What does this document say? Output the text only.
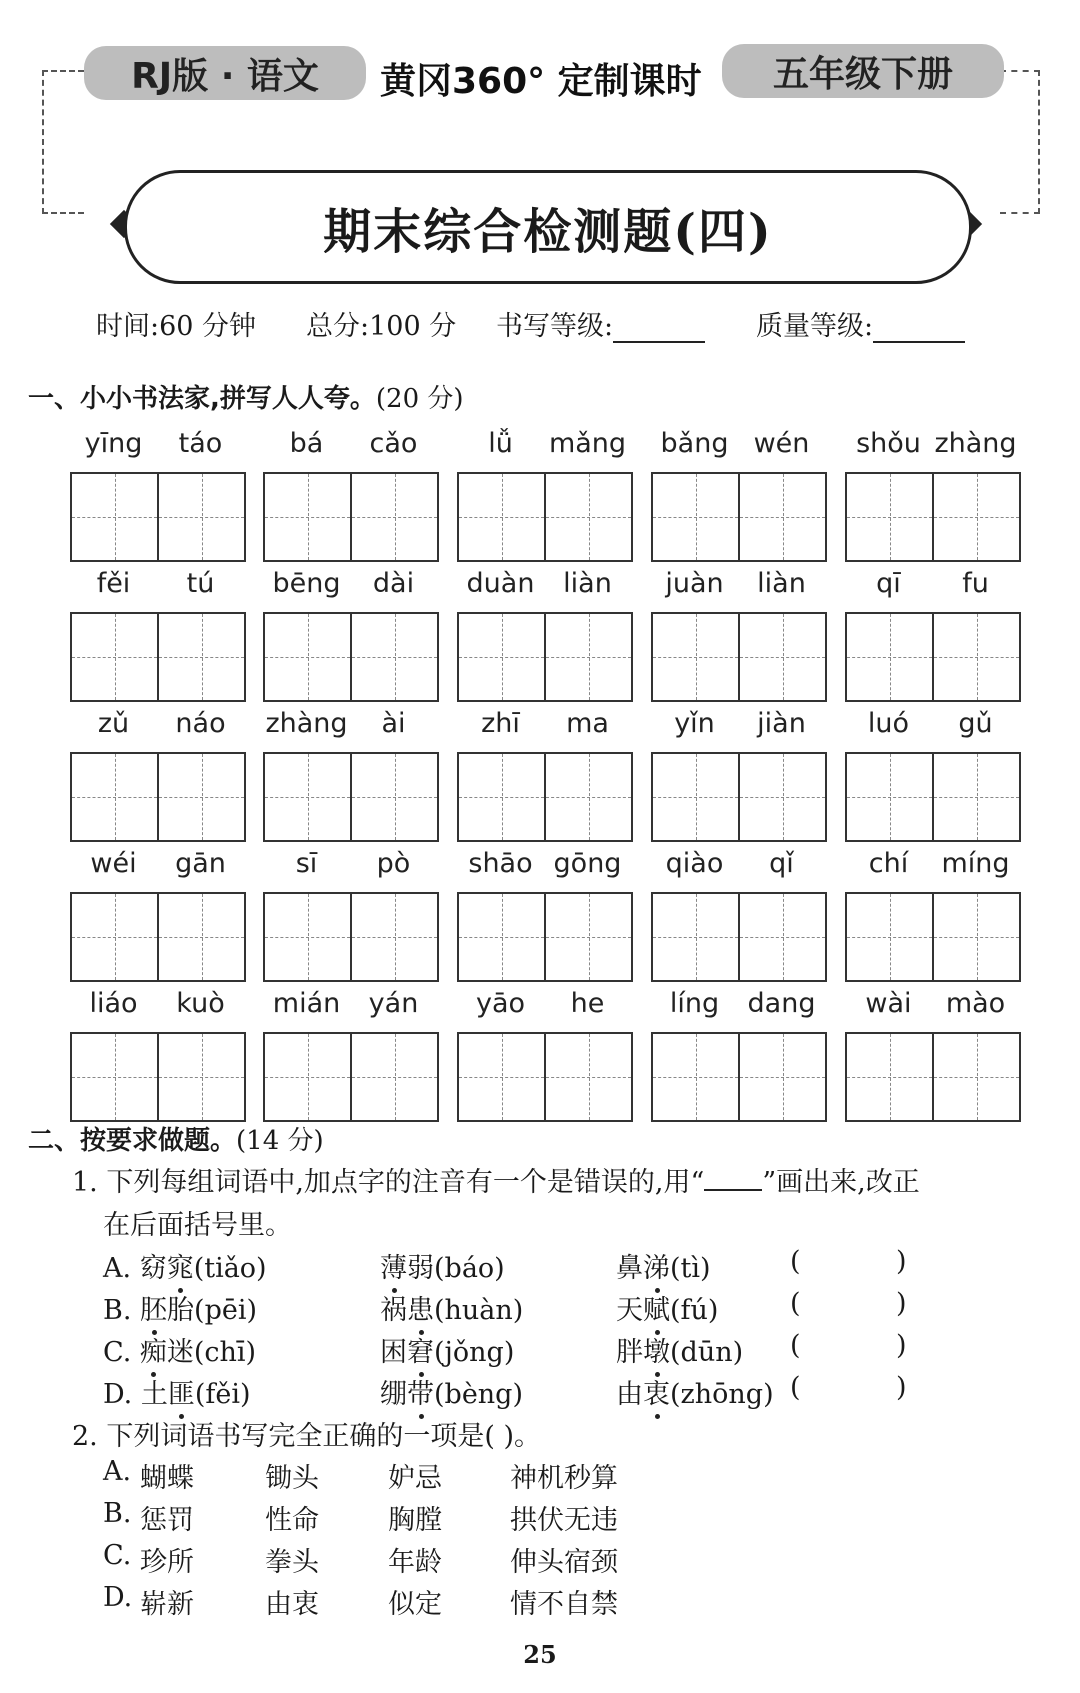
RJ版 · 语文 黄冈360° 定制课时 五年级下册
期末综合检测题(四)
时间:60 分钟 总分:100 分 书写等级:	质量等级:
一、小小书法家,拼写人人夸。(20 分)
yīng	táo	bá	cǎo	lǚ	mǎng	bǎng wén	shǒu zhàng
fěi	tú	bēng	dài	duàn	liàn	juàn	liàn	qī	fu
zǔ	náo	zhàng	ài	zhī	ma	yǐn	jiàn	luó	gǔ
wéi	gān	sī	pò	shāo gōng	qiào	qǐ	chí	míng
liáo	kuò	mián	yán	yāo	he	líng	dang	wài	mào
二、按要求做题。(14 分)
1. 下列每组词语中,加点字的注音有一个是错误的,用“ ”画出来,改正
在后面括号里。
A. 窈窕(tiǎo)	薄弱(báo)	鼻涕(tì)	(	)
B. 胚胎(pēi)	祸患(huàn)	天赋(fú)	(	)
C. 痴迷(chī)	困窘(jǒng)	胖墩(dūn) (	)
D. 土匪(fěi)	绷带(bèng)	由衷(zhōng) (	)
2. 下列词语书写完全正确的一项是( )。
A. 蝴蝶	锄头	妒忌	神机秒算
B. 惩罚	性命	胸膛	拱伏无违
C. 珍所	拳头	年龄	伸头宿颈
D. 崭新	由衷	似定	情不自禁
25
